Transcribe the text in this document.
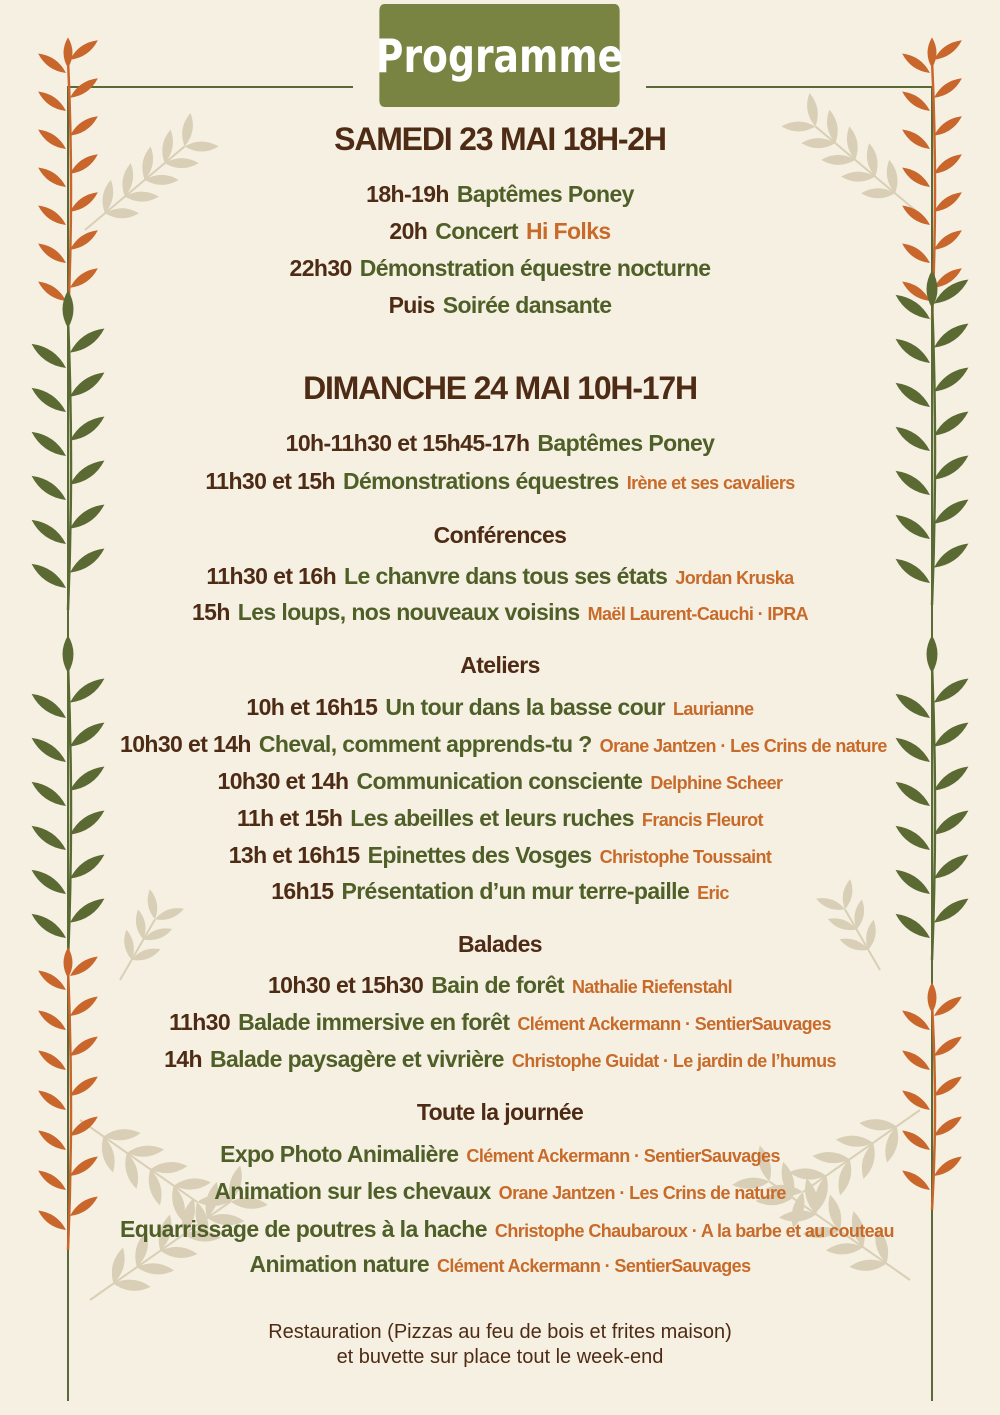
Programme
SAMEDI 23 MAI 18H-2H
18h-19h Baptêmes Poney
20h Concert Hi Folks
22h30 Démonstration équestre nocturne
Puis Soirée dansante
DIMANCHE 24 MAI 10H-17H
10h-11h30 et 15h45-17h Baptêmes Poney
11h30 et 15h Démonstrations équestres Irène et ses cavaliers
Conférences
11h30 et 16h Le chanvre dans tous ses états Jordan Kruska
15h Les loups, nos nouveaux voisins Maël Laurent-Cauchi · IPRA
Ateliers
10h et 16h15 Un tour dans la basse cour Laurianne
10h30 et 14h Cheval, comment apprends-tu ? Orane Jantzen · Les Crins de nature
10h30 et 14h Communication consciente Delphine Scheer
11h et 15h Les abeilles et leurs ruches Francis Fleurot
13h et 16h15 Epinettes des Vosges Christophe Toussaint
16h15 Présentation d’un mur terre-paille Eric
Balades
10h30 et 15h30 Bain de forêt Nathalie Riefenstahl
11h30 Balade immersive en forêt Clément Ackermann · SentierSauvages
14h Balade paysagère et vivrière Christophe Guidat · Le jardin de l’humus
Toute la journée
Expo Photo Animalière Clément Ackermann · SentierSauvages
Animation sur les chevaux Orane Jantzen · Les Crins de nature
Equarrissage de poutres à la hache Christophe Chaubaroux · A la barbe et au couteau
Animation nature Clément Ackermann · SentierSauvages
Restauration (Pizzas au feu de bois et frites maison)
et buvette sur place tout le week-end
